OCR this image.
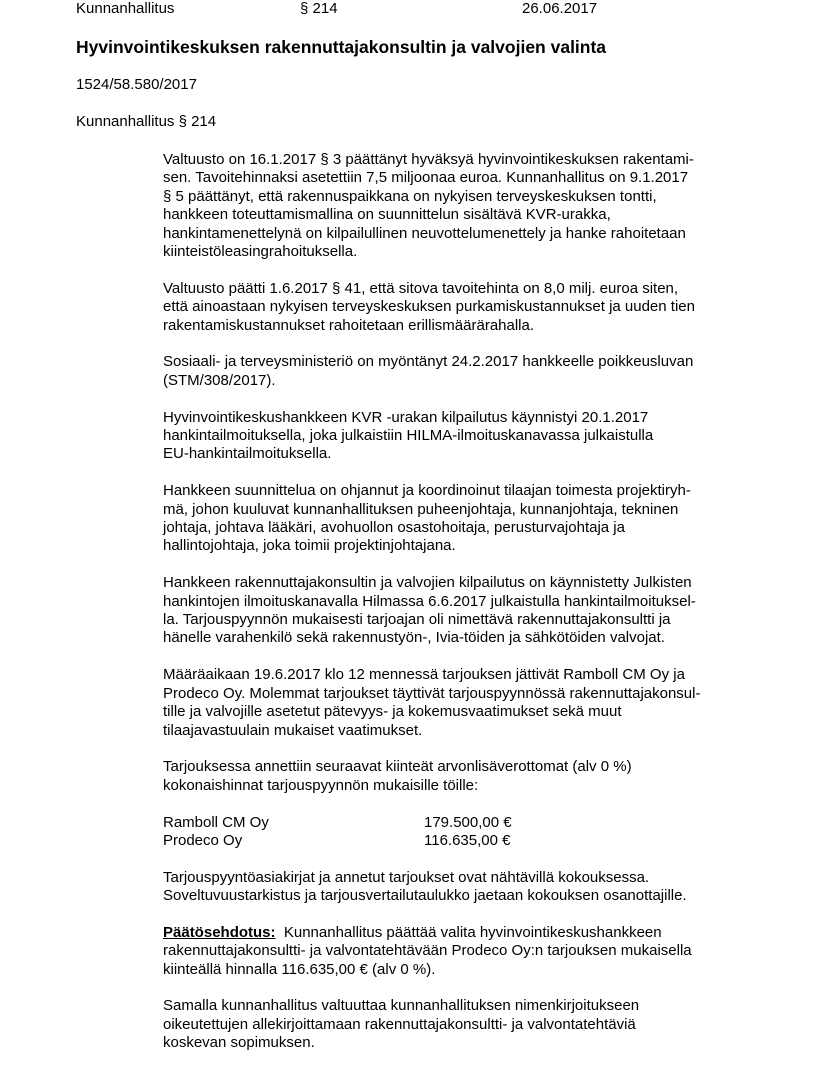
Kunnanhallitus	§ 214	26.06.2017
Hyvinvointikeskuksen rakennuttajakonsultin ja valvojien valinta
1524/58.580/2017
Kunnanhallitus § 214
Valtuusto on 16.1.2017 § 3 päättänyt hyväksyä hyvinvointikeskuksen rakentami-
sen. Tavoitehinnaksi asetettiin 7,5 miljoonaa euroa. Kunnanhallitus on 9.1.2017
§ 5 päättänyt, että rakennuspaikkana on nykyisen terveyskeskuksen tontti,
hankkeen toteuttamismallina on suunnittelun sisältävä KVR-urakka,
hankintamenettelynä on kilpailullinen neuvottelumenettely ja hanke rahoitetaan
kiinteistöleasingrahoituksella.
Valtuusto päätti 1.6.2017 § 41, että sitova tavoitehinta on 8,0 milj. euroa siten,
että ainoastaan nykyisen terveyskeskuksen purkamiskustannukset ja uuden tien
rakentamiskustannukset rahoitetaan erillismäärärahalla.
Sosiaali- ja terveysministeriö on myöntänyt 24.2.2017 hankkeelle poikkeusluvan
(STM/308/2017).
Hyvinvointikeskushankkeen KVR -urakan kilpailutus käynnistyi 20.1.2017
hankintailmoituksella, joka julkaistiin HILMA-ilmoituskanavassa julkaistulla
EU-hankintailmoituksella.
Hankkeen suunnittelua on ohjannut ja koordinoinut tilaajan toimesta projektiryh-
mä, johon kuuluvat kunnanhallituksen puheenjohtaja, kunnanjohtaja, tekninen
johtaja, johtava lääkäri, avohuollon osastohoitaja, perusturvajohtaja ja
hallintojohtaja, joka toimii projektinjohtajana.
Hankkeen rakennuttajakonsultin ja valvojien kilpailutus on käynnistetty Julkisten
hankintojen ilmoituskanavalla Hilmassa 6.6.2017 julkaistulla hankintailmoituksel-
la. Tarjouspyynnön mukaisesti tarjoajan oli nimettävä rakennuttajakonsultti ja
hänelle varahenkilö sekä rakennustyön-, Ivia-töiden ja sähkötöiden valvojat.
Määräaikaan 19.6.2017 klo 12 mennessä tarjouksen jättivät Ramboll CM Oy ja
Prodeco Oy. Molemmat tarjoukset täyttivät tarjouspyynnössä rakennuttajakonsul-
tille ja valvojille asetetut pätevyys- ja kokemusvaatimukset sekä muut
tilaajavastuulain mukaiset vaatimukset.
Tarjouksessa annettiin seuraavat kiinteät arvonlisäverottomat (alv 0 %)
kokonaishinnat tarjouspyynnön mukaisille töille:
Ramboll CM Oy	179.500,00 €
Prodeco Oy	116.635,00 €
Tarjouspyyntöasiakirjat ja annetut tarjoukset ovat nähtävillä kokouksessa.
Soveltuvuustarkistus ja tarjousvertailutaulukko jaetaan kokouksen osanottajille.
Päätösehdotus: Kunnanhallitus päättää valita hyvinvointikeskushankkeen
rakennuttajakonsultti- ja valvontatehtävään Prodeco Oy:n tarjouksen mukaisella
kiinteällä hinnalla 116.635,00 € (alv 0 %).
Samalla kunnanhallitus valtuuttaa kunnanhallituksen nimenkirjoitukseen
oikeutettujen allekirjoittamaan rakennuttajakonsultti- ja valvontatehtäviä
koskevan sopimuksen.
